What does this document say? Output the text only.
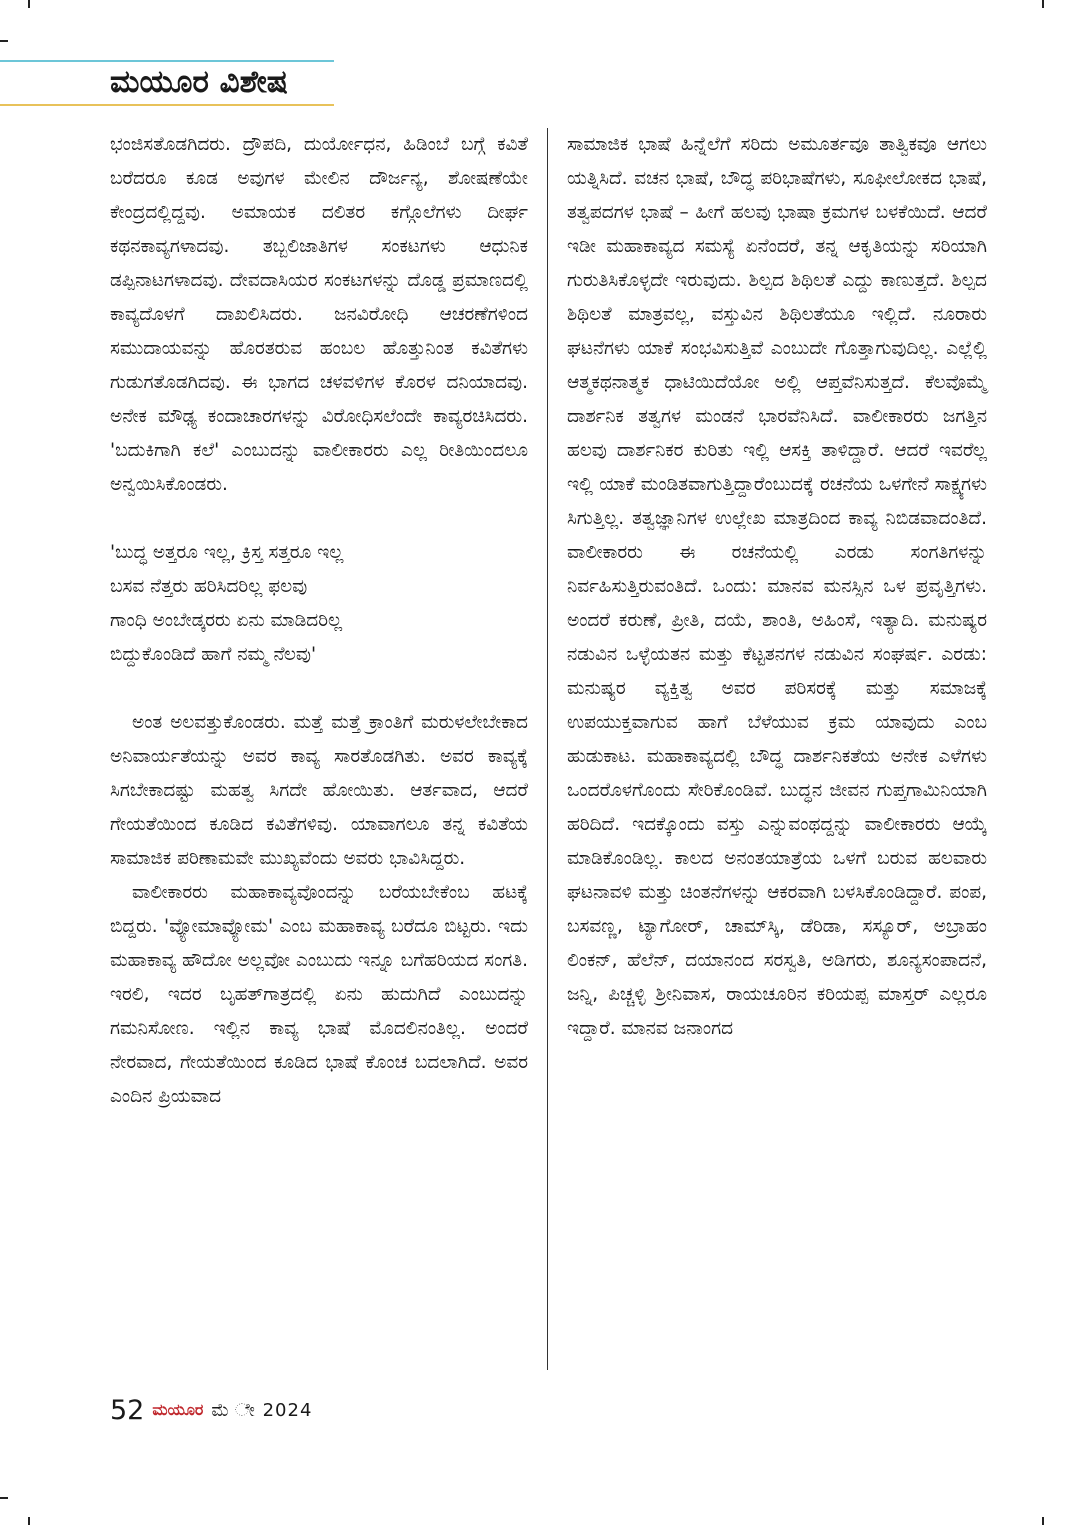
ಮಯೂರ ವಿಶೇಷ

ಭಂಜಿಸತೊಡಗಿದರು. ದ್ರೌಪದಿ, ದುರ್ಯೋಧನ, ಹಿಡಿಂಬೆ ಬಗ್ಗೆ ಕವಿತೆ ಬರೆದರೂ ಕೂಡ ಅವುಗಳ ಮೇಲಿನ ದೌರ್ಜನ್ಯ, ಶೋಷಣೆಯೇ ಕೇಂದ್ರದಲ್ಲಿದ್ದವು. ಅಮಾಯಕ ದಲಿತರ ಕಗ್ಗೊಲೆಗಳು ದೀರ್ಘ ಕಥನಕಾವ್ಯಗಳಾದವು. ತಬ್ಬಲಿಜಾತಿಗಳ ಸಂಕಟಗಳು ಆಧುನಿಕ ಡಪ್ಪಿನಾಟಗಳಾದವು. ದೇವದಾಸಿಯರ ಸಂಕಟಗಳನ್ನು ದೊಡ್ಡ ಪ್ರಮಾಣದಲ್ಲಿ ಕಾವ್ಯದೊಳಗೆ ದಾಖಲಿಸಿದರು. ಜನವಿರೋಧಿ ಆಚರಣೆಗಳಿಂದ ಸಮುದಾಯವನ್ನು ಹೊರತರುವ ಹಂಬಲ ಹೊತ್ತುನಿಂತ ಕವಿತೆಗಳು ಗುಡುಗತೊಡಗಿದವು. ಈ ಭಾಗದ ಚಳವಳಿಗಳ ಕೊರಳ ದನಿಯಾದವು. ಅನೇಕ ಮೌಢ್ಯ ಕಂದಾಚಾರಗಳನ್ನು ವಿರೋಧಿಸಲೆಂದೇ ಕಾವ್ಯರಚಿಸಿದರು. 'ಬದುಕಿಗಾಗಿ ಕಲೆ' ಎಂಬುದನ್ನು ವಾಲೀಕಾರರು ಎಲ್ಲ ರೀತಿಯಿಂದಲೂ ಅನ್ವಯಿಸಿಕೊಂಡರು.

'ಬುದ್ಧ ಅತ್ತರೂ ಇಲ್ಲ, ಕ್ರಿಸ್ತ ಸತ್ತರೂ ಇಲ್ಲ
ಬಸವ ನೆತ್ತರು ಹರಿಸಿದರಿಲ್ಲ ಫಲವು
ಗಾಂಧಿ ಅಂಬೇಡ್ಕರರು ಏನು ಮಾಡಿದರಿಲ್ಲ
ಬಿದ್ದುಕೊಂಡಿದೆ ಹಾಗೆ ನಮ್ಮ ನೆಲವು'

ಅಂತ ಅಲವತ್ತುಕೊಂಡರು. ಮತ್ತೆ ಮತ್ತೆ ಕ್ರಾಂತಿಗೆ ಮರುಳಲೇಬೇಕಾದ ಅನಿವಾರ್ಯತೆಯನ್ನು ಅವರ ಕಾವ್ಯ ಸಾರತೊಡಗಿತು. ಅವರ ಕಾವ್ಯಕ್ಕೆ ಸಿಗಬೇಕಾದಷ್ಟು ಮಹತ್ವ ಸಿಗದೇ ಹೋಯಿತು. ಆರ್ತವಾದ, ಆದರೆ ಗೇಯತೆಯಿಂದ ಕೂಡಿದ ಕವಿತೆಗಳಿವು. ಯಾವಾಗಲೂ ತನ್ನ ಕವಿತೆಯ ಸಾಮಾಜಿಕ ಪರಿಣಾಮವೇ ಮುಖ್ಯವೆಂದು ಅವರು ಭಾವಿಸಿದ್ದರು.

ವಾಲೀಕಾರರು ಮಹಾಕಾವ್ಯವೊಂದನ್ನು ಬರೆಯಬೇಕೆಂಬ ಹಟಕ್ಕೆ ಬಿದ್ದರು. 'ವ್ಯೋಮಾವ್ಯೋಮ' ಎಂಬ ಮಹಾಕಾವ್ಯ ಬರೆದೂ ಬಿಟ್ಟರು. ಇದು ಮಹಾಕಾವ್ಯ ಹೌದೋ ಅಲ್ಲವೋ ಎಂಬುದು ಇನ್ನೂ ಬಗೆಹರಿಯದ ಸಂಗತಿ. ಇರಲಿ, ಇದರ ಬೃಹತ್‌ಗಾತ್ರದಲ್ಲಿ ಏನು ಹುದುಗಿದೆ ಎಂಬುದನ್ನು ಗಮನಿಸೋಣ. ಇಲ್ಲಿನ ಕಾವ್ಯ ಭಾಷೆ ಮೊದಲಿನಂತಿಲ್ಲ. ಅಂದರೆ ನೇರವಾದ, ಗೇಯತೆಯಿಂದ ಕೂಡಿದ ಭಾಷೆ ಕೊಂಚ ಬದಲಾಗಿದೆ. ಅವರ ಎಂದಿನ ಪ್ರಿಯವಾದ

ಸಾಮಾಜಿಕ ಭಾಷೆ ಹಿನ್ನೆಲೆಗೆ ಸರಿದು ಅಮೂರ್ತವೂ ತಾತ್ವಿಕವೂ ಆಗಲು ಯತ್ನಿಸಿದೆ. ವಚನ ಭಾಷೆ, ಬೌದ್ಧ ಪರಿಭಾಷೆಗಳು, ಸೂಫೀಲೋಕದ ಭಾಷೆ, ತತ್ವಪದಗಳ ಭಾಷೆ – ಹೀಗೆ ಹಲವು ಭಾಷಾ ಕ್ರಮಗಳ ಬಳಕೆಯಿದೆ. ಆದರೆ ಇಡೀ ಮಹಾಕಾವ್ಯದ ಸಮಸ್ಯೆ ಏನೆಂದರೆ, ತನ್ನ ಆಕೃತಿಯನ್ನು ಸರಿಯಾಗಿ ಗುರುತಿಸಿಕೊಳ್ಳದೇ ಇರುವುದು. ಶಿಲ್ಪದ ಶಿಥಿಲತೆ ಎದ್ದು ಕಾಣುತ್ತದೆ. ಶಿಲ್ಪದ ಶಿಥಿಲತೆ ಮಾತ್ರವಲ್ಲ, ವಸ್ತುವಿನ ಶಿಥಿಲತೆಯೂ ಇಲ್ಲಿದೆ. ನೂರಾರು ಘಟನೆಗಳು ಯಾಕೆ ಸಂಭವಿಸುತ್ತಿವೆ ಎಂಬುದೇ ಗೊತ್ತಾಗುವುದಿಲ್ಲ. ಎಲ್ಲೆಲ್ಲಿ ಆತ್ಮಕಥನಾತ್ಮಕ ಧಾಟಿಯಿದೆಯೋ ಅಲ್ಲಿ ಆಪ್ತವೆನಿಸುತ್ತದೆ. ಕೆಲವೊಮ್ಮೆ ದಾರ್ಶನಿಕ ತತ್ವಗಳ ಮಂಡನೆ ಭಾರವೆನಿಸಿದೆ. ವಾಲೀಕಾರರು ಜಗತ್ತಿನ ಹಲವು ದಾರ್ಶನಿಕರ ಕುರಿತು ಇಲ್ಲಿ ಆಸಕ್ತಿ ತಾಳಿದ್ದಾರೆ. ಆದರೆ ಇವರೆಲ್ಲ ಇಲ್ಲಿ ಯಾಕೆ ಮಂಡಿತವಾಗುತ್ತಿದ್ದಾರೆಂಬುದಕ್ಕೆ ರಚನೆಯ ಒಳಗೇನೆ ಸಾಕ್ಷ್ಯಗಳು ಸಿಗುತ್ತಿಲ್ಲ. ತತ್ವಜ್ಞಾನಿಗಳ ಉಲ್ಲೇಖ ಮಾತ್ರದಿಂದ ಕಾವ್ಯ ನಿಬಿಡವಾದಂತಿದೆ. ವಾಲೀಕಾರರು ಈ ರಚನೆಯಲ್ಲಿ ಎರಡು ಸಂಗತಿಗಳನ್ನು ನಿರ್ವಹಿಸುತ್ತಿರುವಂತಿದೆ. ಒಂದು: ಮಾನವ ಮನಸ್ಸಿನ ಒಳ ಪ್ರವೃತ್ತಿಗಳು. ಅಂದರೆ ಕರುಣೆ, ಪ್ರೀತಿ, ದಯೆ, ಶಾಂತಿ, ಅಹಿಂಸೆ, ಇತ್ಯಾದಿ. ಮನುಷ್ಯರ ನಡುವಿನ ಒಳ್ಳೆಯತನ ಮತ್ತು ಕೆಟ್ಟತನಗಳ ನಡುವಿನ ಸಂಘರ್ಷ. ಎರಡು: ಮನುಷ್ಯರ ವ್ಯಕ್ತಿತ್ವ ಅವರ ಪರಿಸರಕ್ಕೆ ಮತ್ತು ಸಮಾಜಕ್ಕೆ ಉಪಯುಕ್ತವಾಗುವ ಹಾಗೆ ಬೆಳೆಯುವ ಕ್ರಮ ಯಾವುದು ಎಂಬ ಹುಡುಕಾಟ. ಮಹಾಕಾವ್ಯದಲ್ಲಿ ಬೌದ್ಧ ದಾರ್ಶನಿಕತೆಯ ಅನೇಕ ಎಳೆಗಳು ಒಂದರೊಳಗೊಂದು ಸೇರಿಕೊಂಡಿವೆ. ಬುದ್ಧನ ಜೀವನ ಗುಪ್ತಗಾಮಿನಿಯಾಗಿ ಹರಿದಿದೆ. ಇದಕ್ಕೊಂದು ವಸ್ತು ಎನ್ನುವಂಥದ್ದನ್ನು ವಾಲೀಕಾರರು ಆಯ್ಕೆ ಮಾಡಿಕೊಂಡಿಲ್ಲ. ಕಾಲದ ಅನಂತಯಾತ್ರೆಯ ಒಳಗೆ ಬರುವ ಹಲವಾರು ಘಟನಾವಳಿ ಮತ್ತು ಚಿಂತನೆಗಳನ್ನು ಆಕರವಾಗಿ ಬಳಸಿಕೊಂಡಿದ್ದಾರೆ. ಪಂಪ, ಬಸವಣ್ಣ, ಟ್ಯಾಗೋರ್, ಚಾಮ್‌ಸ್ಕಿ, ಡೆರಿಡಾ, ಸಸ್ಯೂರ್, ಅಬ್ರಾಹಂ ಲಿಂಕನ್, ಹೆಲೆನ್, ದಯಾನಂದ ಸರಸ್ವತಿ, ಅಡಿಗರು, ಶೂನ್ಯಸಂಪಾದನೆ, ಜನ್ನಿ, ಪಿಚ್ಚಳ್ಳಿ ಶ್ರೀನಿವಾಸ, ರಾಯಚೂರಿನ ಕರಿಯಪ್ಪ ಮಾಸ್ತರ್ ಎಲ್ಲರೂ ಇದ್ದಾರೆ. ಮಾನವ ಜನಾಂಗದ

52 ಮಯೂರ ಮೆ ೇ 2024
